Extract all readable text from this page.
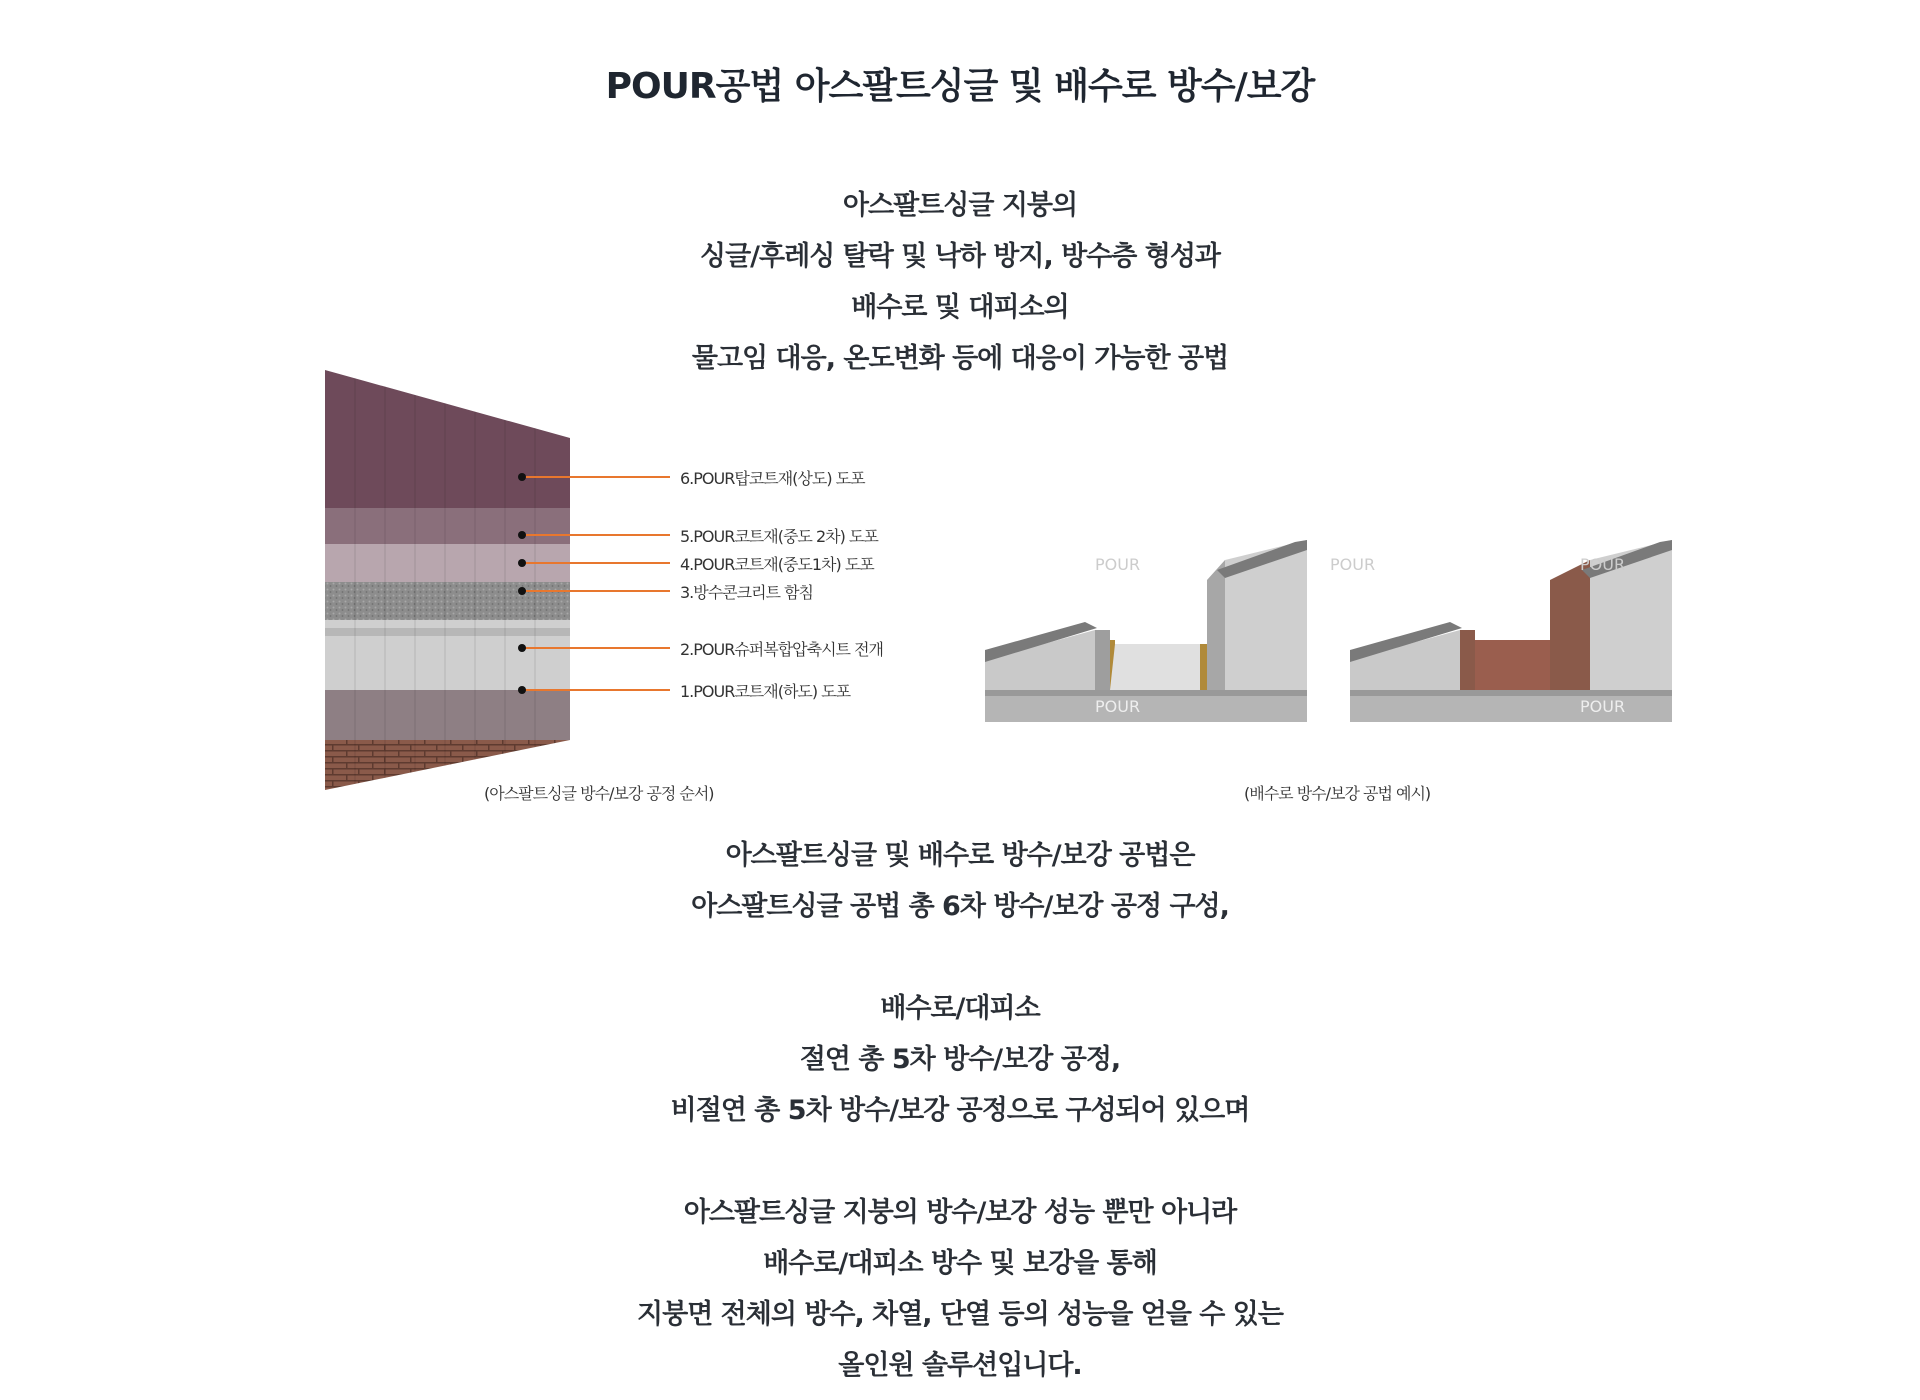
POUR공법 아스팔트싱글 및 배수로 방수/보강
아스팔트싱글 지붕의
싱글/후레싱 탈락 및 낙하 방지, 방수층 형성과
배수로 및 대피소의
물고임 대응, 온도변화 등에 대응이 가능한 공법
6.POUR탑코트재(상도) 도포
5.POUR코트재(중도 2차) 도포
4.POUR코트재(중도1차) 도포
3.방수콘크리트 함침
2.POUR슈퍼복합압축시트 전개
1.POUR코트재(하도) 도포
(아스팔트싱글 방수/보강 공정 순서)	(배수로 방수/보강 공법 예시)
POUR
POUR
POUR	POUR
POUR
아스팔트싱글 및 배수로 방수/보강 공법은
아스팔트싱글 공법 총 6차 방수/보강 공정 구성,
배수로/대피소
절연 총 5차 방수/보강 공정,
비절연 총 5차 방수/보강 공정으로 구성되어 있으며
아스팔트싱글 지붕의 방수/보강 성능 뿐만 아니라
배수로/대피소 방수 및 보강을 통해
지붕면 전체의 방수, 차열, 단열 등의 성능을 얻을 수 있는
올인원 솔루션입니다.
